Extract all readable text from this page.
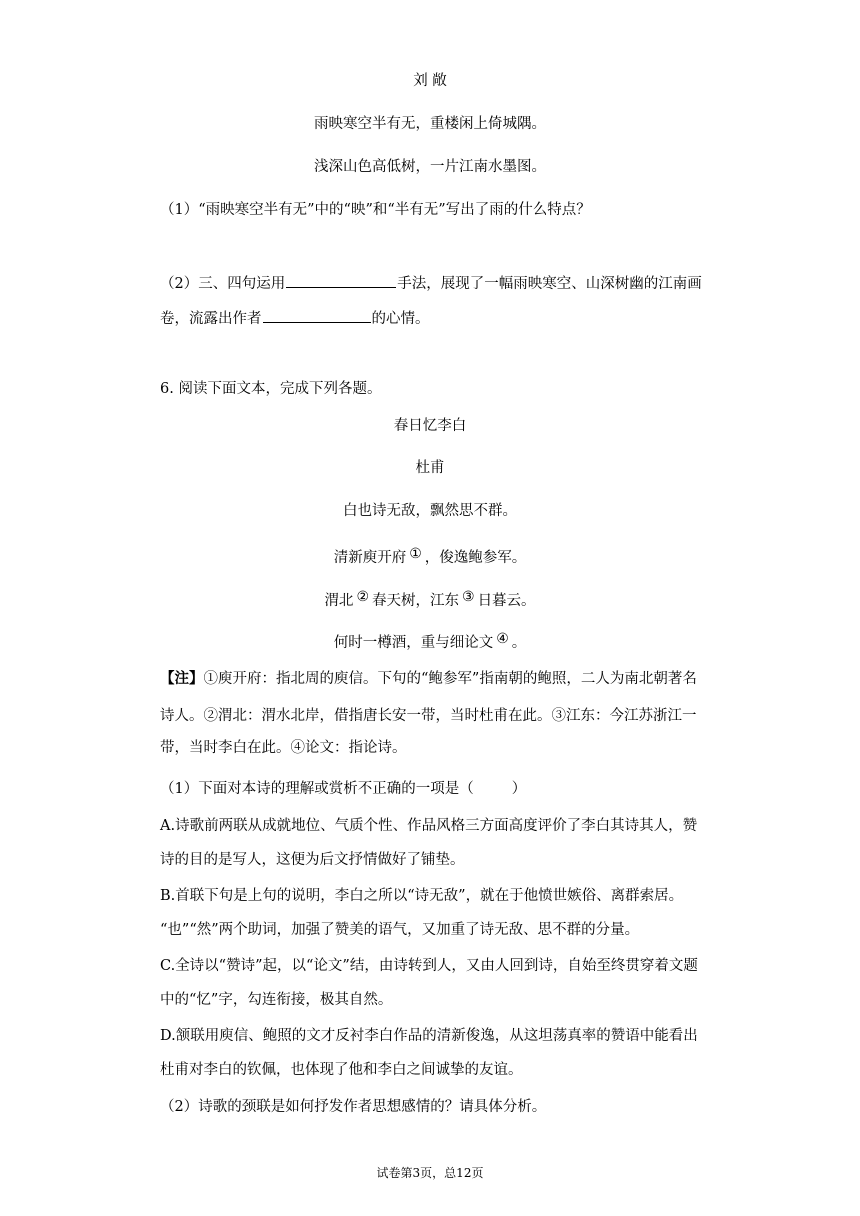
刘 敞
雨映寒空半有无，重楼闲上倚城隅。
浅深山色高低树，一片江南水墨图。
（1）“雨映寒空半有无”中的“映”和“半有无”写出了雨的什么特点？
（2）三、四句运用	手法，展现了一幅雨映寒空、山深树幽的江南画
卷，流露出作者	的心情。
6. 阅读下面文本，完成下列各题。
春日忆李白
杜甫
白也诗无敌，飘然思不群。
清新庾开府 ① ，俊逸鲍参军。
渭北 ② 春天树，江东 ③ 日暮云。
何时一樽酒，重与细论文 ④ 。
【注】①庾开府：指北周的庾信。下句的“鲍参军”指南朝的鲍照，二人为南北朝著名
诗人。②渭北：渭水北岸，借指唐长安一带，当时杜甫在此。③江东：今江苏浙江一
带，当时李白在此。④论文：指论诗。
（1）下面对本诗的理解或赏析不正确的一项是（	）
A.诗歌前两联从成就地位、气质个性、作品风格三方面高度评价了李白其诗其人，赞
诗的目的是写人，这便为后文抒情做好了铺垫。
B.首联下句是上句的说明，李白之所以“诗无敌”，就在于他愤世嫉俗、离群索居。
“也”“然”两个助词，加强了赞美的语气，又加重了诗无敌、思不群的分量。
C.全诗以“赞诗”起，以“论文”结，由诗转到人，又由人回到诗，自始至终贯穿着文题
中的“忆”字，勾连衔接，极其自然。
D.颔联用庾信、鲍照的文才反衬李白作品的清新俊逸，从这坦荡真率的赞语中能看出
杜甫对李白的钦佩，也体现了他和李白之间诚挚的友谊。
（2）诗歌的颈联是如何抒发作者思想感情的？请具体分析。
试卷第3页，总12页
